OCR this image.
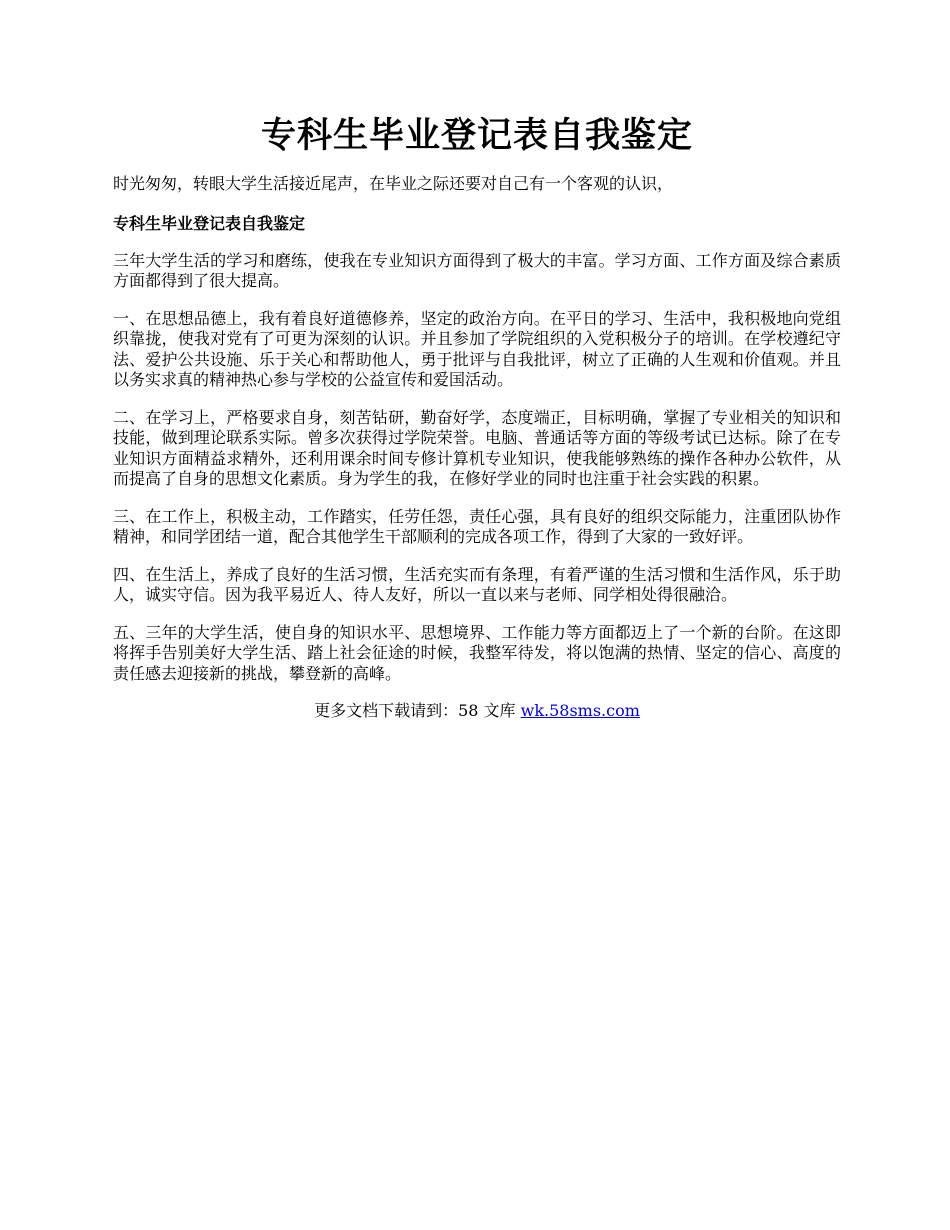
专科生毕业登记表自我鉴定

时光匆匆，转眼大学生活接近尾声，在毕业之际还要对自己有一个客观的认识，

专科生毕业登记表自我鉴定

三年大学生活的学习和磨练，使我在专业知识方面得到了极大的丰富。学习方面、工作方面及综合素质方面都得到了很大提高。

一、在思想品德上，我有着良好道德修养，坚定的政治方向。在平日的学习、生活中，我积极地向党组织靠拢，使我对党有了可更为深刻的认识。并且参加了学院组织的入党积极分子的培训。在学校遵纪守法、爱护公共设施、乐于关心和帮助他人，勇于批评与自我批评，树立了正确的人生观和价值观。并且以务实求真的精神热心参与学校的公益宣传和爱国活动。

二、在学习上，严格要求自身，刻苦钻研，勤奋好学，态度端正，目标明确，掌握了专业相关的知识和技能，做到理论联系实际。曾多次获得过学院荣誉。电脑、普通话等方面的等级考试已达标。除了在专业知识方面精益求精外，还利用课余时间专修计算机专业知识，使我能够熟练的操作各种办公软件，从而提高了自身的思想文化素质。身为学生的我，在修好学业的同时也注重于社会实践的积累。

三、在工作上，积极主动，工作踏实，任劳任怨，责任心强，具有良好的组织交际能力，注重团队协作精神，和同学团结一道，配合其他学生干部顺利的完成各项工作，得到了大家的一致好评。

四、在生活上，养成了良好的生活习惯，生活充实而有条理，有着严谨的生活习惯和生活作风，乐于助人，诚实守信。因为我平易近人、待人友好，所以一直以来与老师、同学相处得很融洽。

五、三年的大学生活，使自身的知识水平、思想境界、工作能力等方面都迈上了一个新的台阶。在这即将挥手告别美好大学生活、踏上社会征途的时候，我整军待发，将以饱满的热情、坚定的信心、高度的责任感去迎接新的挑战，攀登新的高峰。

更多文档下载请到：58 文库 wk.58sms.com
